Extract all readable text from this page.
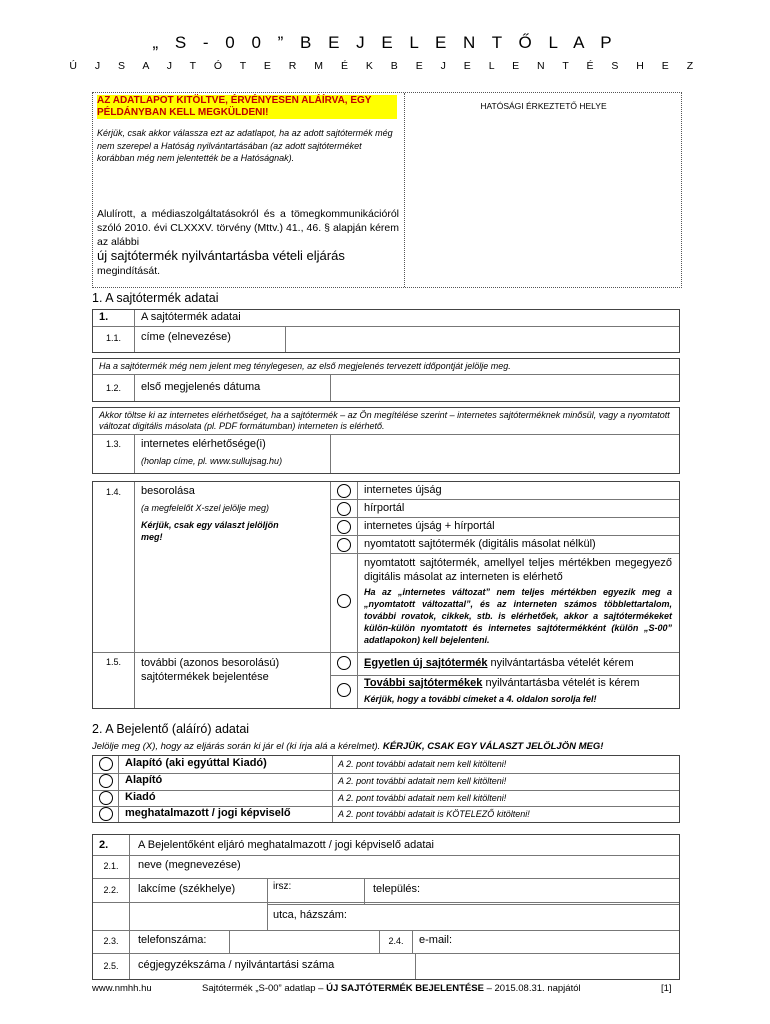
„ S - 0 0 ” B E J E L E N T Ő L A P
Ú J S A J T Ó T E R M É K B E J E L E N T É S H E Z
AZ ADATLAPOT KITÖLTVE, ÉRVÉNYESEN ALÁÍRVA, EGY PÉLDÁNYBAN KELL MEGKÜLDENI!
Kérjük, csak akkor válassza ezt az adatlapot, ha az adott sajtótermék még nem szerepel a Hatóság nyilvántartásában (az adott sajtóterméket korábban még nem jelentették be a Hatóságnak).
Alulírott, a médiaszolgáltatásokról és a tömegkommunikációról szóló 2010. évi CLXXXV. törvény (Mttv.) 41., 46. § alapján kérem az alábbi
új sajtótermék nyilvántartásba vételi eljárás
megindítását.
HATÓSÁGI ÉRKEZTETŐ HELYE
1. A sajtótermék adatai
1.	A sajtótermék adatai
1.1.	címe (elnevezése)
Ha a sajtótermék még nem jelent meg ténylegesen, az első megjelenés tervezett időpontját jelölje meg.
1.2.	első megjelenés dátuma
Akkor töltse ki az internetes elérhetőséget, ha a sajtótermék – az Ön megítélése szerint – internetes sajtóterméknek minősül, vagy a nyomtatott változat digitális másolata (pl. PDF formátumban) interneten is elérhető.
1.3.	internetes elérhetősége(i)
(honlap címe, pl. www.sullujsag.hu)
1.4.	besorolása
(a megfelelőt X-szel jelölje meg)
Kérjük, csak egy választ jelöljön meg!
internetes újság
hírportál
internetes újság + hírportál
nyomtatott sajtótermék (digitális másolat nélkül)
nyomtatott sajtótermék, amellyel teljes mértékben megegyező digitális másolat az interneten is elérhető
Ha az „internetes változat” nem teljes mértékben egyezik meg a „nyomtatott változattal”, és az interneten számos többlettartalom, további rovatok, cikkek, stb. is elérhetőek, akkor a sajtótermékeket külön-külön nyomtatott és internetes sajtótermékként (külön „S-00” adatlapokon) kell bejelenteni.
1.5.	további (azonos besorolású) sajtótermékek bejelentése
Egyetlen új sajtótermék nyilvántartásba vételét kérem
További sajtótermékek nyilvántartásba vételét is kérem
Kérjük, hogy a további címeket a 4. oldalon sorolja fel!
2. A Bejelentő (aláíró) adatai
Jelölje meg (X), hogy az eljárás során ki jár el (ki írja alá a kérelmet). KÉRJÜK, CSAK EGY VÁLASZT JELÖLJÖN MEG!
Alapító (aki egyúttal Kiadó)	A 2. pont további adatait nem kell kitölteni!
Alapító	A 2. pont további adatait nem kell kitölteni!
Kiadó	A 2. pont további adatait nem kell kitölteni!
meghatalmazott / jogi képviselő	A 2. pont további adatait is KÖTELEZŐ kitölteni!
2.	A Bejelentőként eljáró meghatalmazott / jogi képviselő adatai
2.1.	neve (megnevezése)
2.2.	lakcíme (székhelye)	irsz:	település:
utca, házszám:
2.3.	telefonszáma:	2.4.	e-mail:
2.5.	cégjegyzékszáma / nyilvántartási száma
www.nmhh.hu	Sajtótermék „S-00” adatlap – ÚJ SAJTÓTERMÉK BEJELENTÉSE – 2015.08.31. napjától	[1]
